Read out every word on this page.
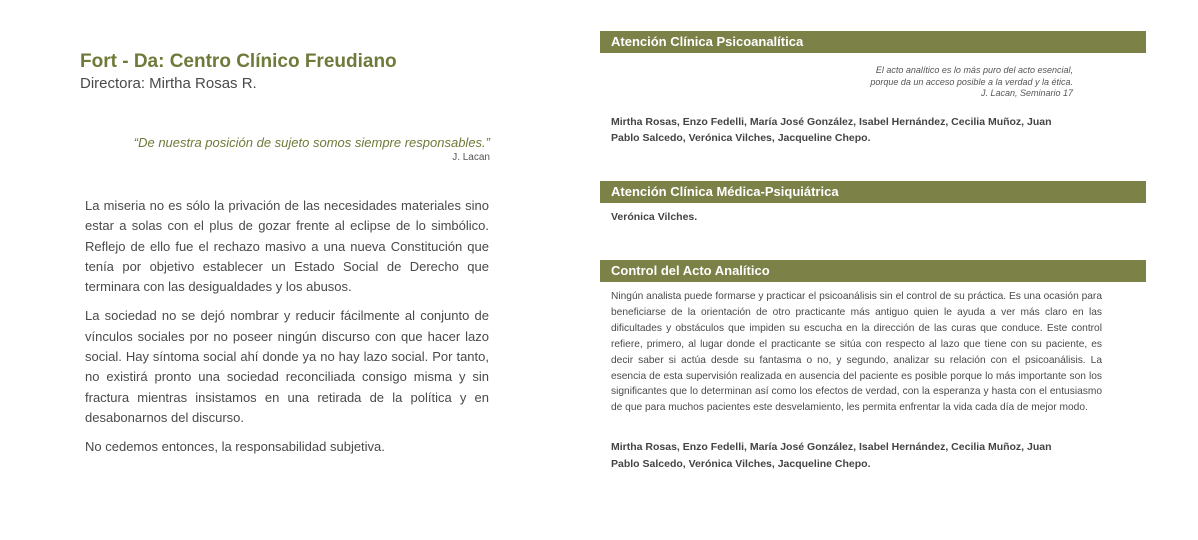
Fort - Da: Centro Clínico Freudiano

Directora: Mirtha Rosas R.

“De nuestra posición de sujeto somos siempre responsables.”
J. Lacan

La miseria no es sólo la privación de las necesidades materiales sino estar a solas con el plus de gozar frente al eclipse de lo simbólico. Reflejo de ello fue el rechazo masivo a una nueva Constitución que tenía por objetivo establecer un Estado Social de Derecho que terminara con las desigualdades y los abusos.

La sociedad no se dejó nombrar y reducir fácilmente al conjunto de vínculos sociales por no poseer ningún discurso con que hacer lazo social. Hay síntoma social ahí donde ya no hay lazo social. Por tanto, no existirá pronto una sociedad reconciliada consigo misma y sin fractura mientras insistamos en una retirada de la política y en desabonarnos del discurso.

No cedemos entonces, la responsabilidad subjetiva.

Atención Clínica Psicoanalítica
El acto analítico es lo más puro del acto esencial,
porque da un acceso posible a la verdad y la ética.
J. Lacan, Seminario 17
Mirtha Rosas, Enzo Fedelli, María José González, Isabel Hernández, Cecilia Muñoz, Juan Pablo Salcedo, Verónica Vilches, Jacqueline Chepo.
Atención Clínica Médica-Psiquiátrica
Verónica Vilches.
Control del Acto Analítico
Ningún analista puede formarse y practicar el psicoanálisis sin el control de su práctica. Es una ocasión para beneficiarse de la orientación de otro practicante más antiguo quien le ayuda a ver más claro en las dificultades y obstáculos que impiden su escucha en la dirección de las curas que conduce. Este control refiere, primero, al lugar donde el practicante se sitúa con respecto al lazo que tiene con su paciente, es decir saber si actúa desde su fantasma o no, y segundo, analizar su relación con el psicoanálisis. La esencia de esta supervisión realizada en ausencia del paciente es posible porque lo más importante son los significantes que lo determinan así como los efectos de verdad, con la esperanza y hasta con el entusiasmo de que para muchos pacientes este desvelamiento, les permita enfrentar la vida cada día de mejor modo.
Mirtha Rosas, Enzo Fedelli, María José González, Isabel Hernández, Cecilia Muñoz, Juan Pablo Salcedo, Verónica Vilches, Jacqueline Chepo.
